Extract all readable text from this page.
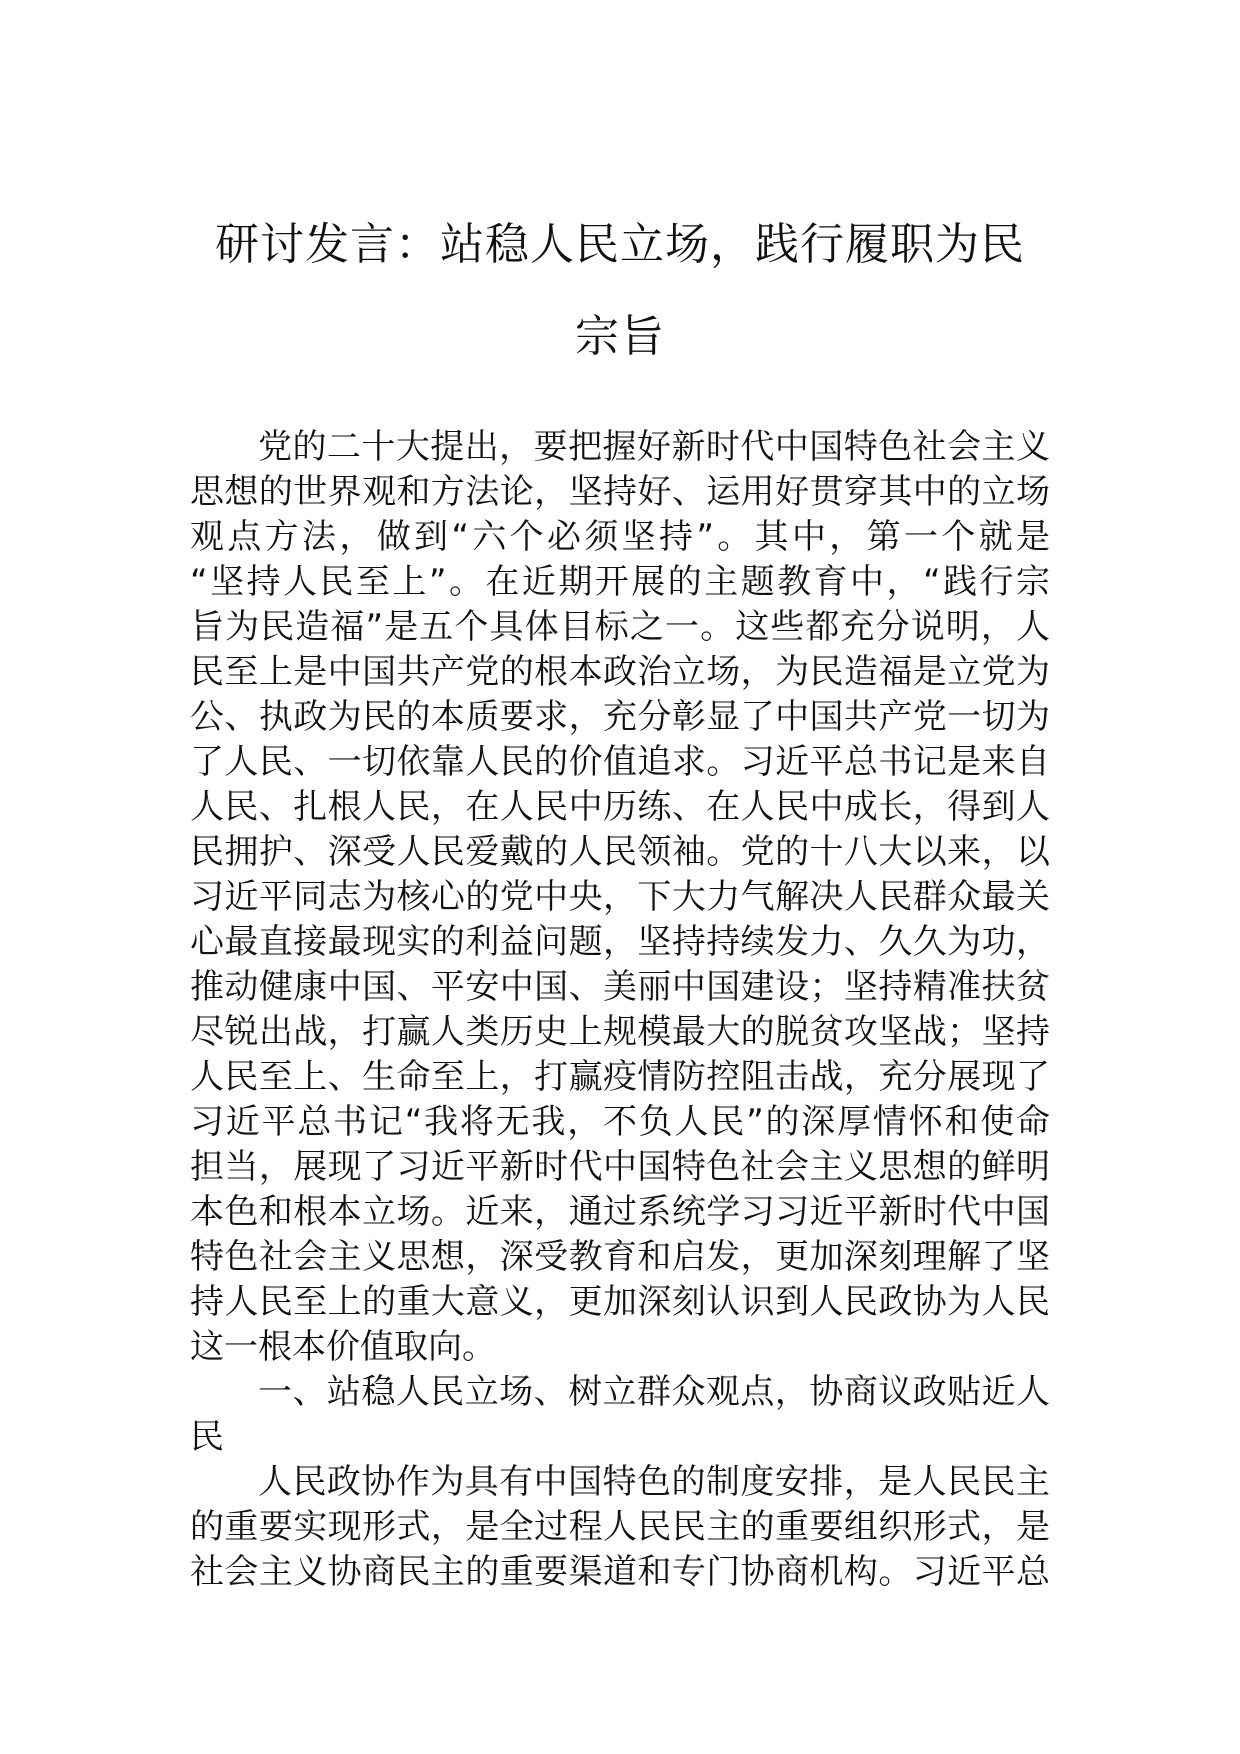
研讨发言：站稳人民立场，践行履职为民
宗旨
党的二十大提出，要把握好新时代中国特色社会主义
思想的世界观和方法论，坚持好、运用好贯穿其中的立场
观点方法，做到“六个必须坚持”。其中，第一个就是
“坚持人民至上”。在近期开展的主题教育中，“践行宗
旨为民造福”是五个具体目标之一。这些都充分说明，人
民至上是中国共产党的根本政治立场，为民造福是立党为
公、执政为民的本质要求，充分彰显了中国共产党一切为
了人民、一切依靠人民的价值追求。习近平总书记是来自
人民、扎根人民，在人民中历练、在人民中成长，得到人
民拥护、深受人民爱戴的人民领袖。党的十八大以来，以
习近平同志为核心的党中央，下大力气解决人民群众最关
心最直接最现实的利益问题，坚持持续发力、久久为功，
推动健康中国、平安中国、美丽中国建设；坚持精准扶贫
尽锐出战，打赢人类历史上规模最大的脱贫攻坚战；坚持
人民至上、生命至上，打赢疫情防控阻击战，充分展现了
习近平总书记“我将无我，不负人民”的深厚情怀和使命
担当，展现了习近平新时代中国特色社会主义思想的鲜明
本色和根本立场。近来，通过系统学习习近平新时代中国
特色社会主义思想，深受教育和启发，更加深刻理解了坚
持人民至上的重大意义，更加深刻认识到人民政协为人民
这一根本价值取向。
一、站稳人民立场、树立群众观点，协商议政贴近人
民
人民政协作为具有中国特色的制度安排，是人民民主
的重要实现形式，是全过程人民民主的重要组织形式，是
社会主义协商民主的重要渠道和专门协商机构。习近平总
